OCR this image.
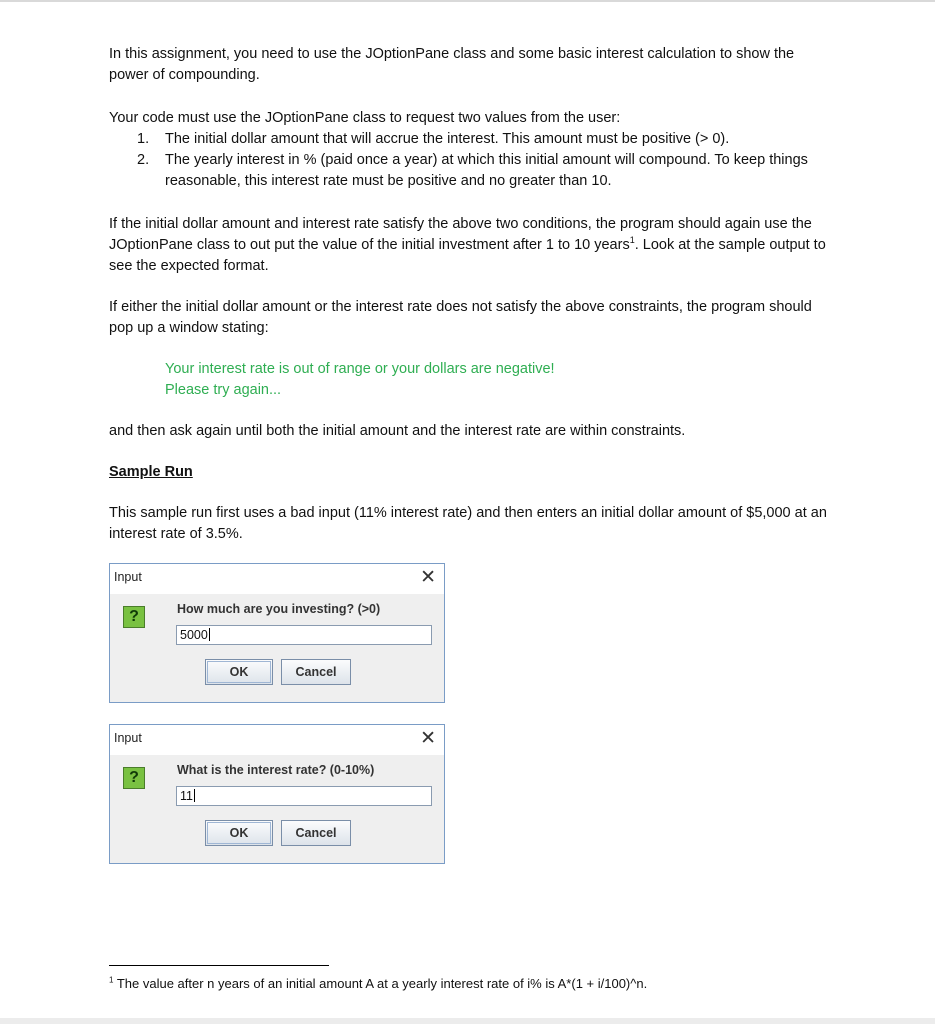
In this assignment, you need to use the JOptionPane class and some basic interest calculation to show the power of compounding.

Your code must use the JOptionPane class to request two values from the user:

1. The initial dollar amount that will accrue the interest. This amount must be positive (> 0).
2. The yearly interest in % (paid once a year) at which this initial amount will compound. To keep things reasonable, this interest rate must be positive and no greater than 10.

If the initial dollar amount and interest rate satisfy the above two conditions, the program should again use the JOptionPane class to out put the value of the initial investment after 1 to 10 years$^1$. Look at the sample output to see the expected format.

If either the initial dollar amount or the interest rate does not satisfy the above constraints, the program should pop up a window stating:

Your interest rate is out of range or your dollars are negative!
Please try again...

and then ask again until both the initial amount and the interest rate are within constraints.

Sample Run

This sample run first uses a bad input (11% interest rate) and then enters an initial dollar amount of $5,000 at an interest rate of 3.5%.

Input	✕
?	How much are you investing? (>0)
5000
OK	Cancel
Input	✕
?	What is the interest rate? (0-10%)
11
OK	Cancel
$^1$ The value after n years of an initial amount A at a yearly interest rate of i% is A*(1 + i/100)^n.
